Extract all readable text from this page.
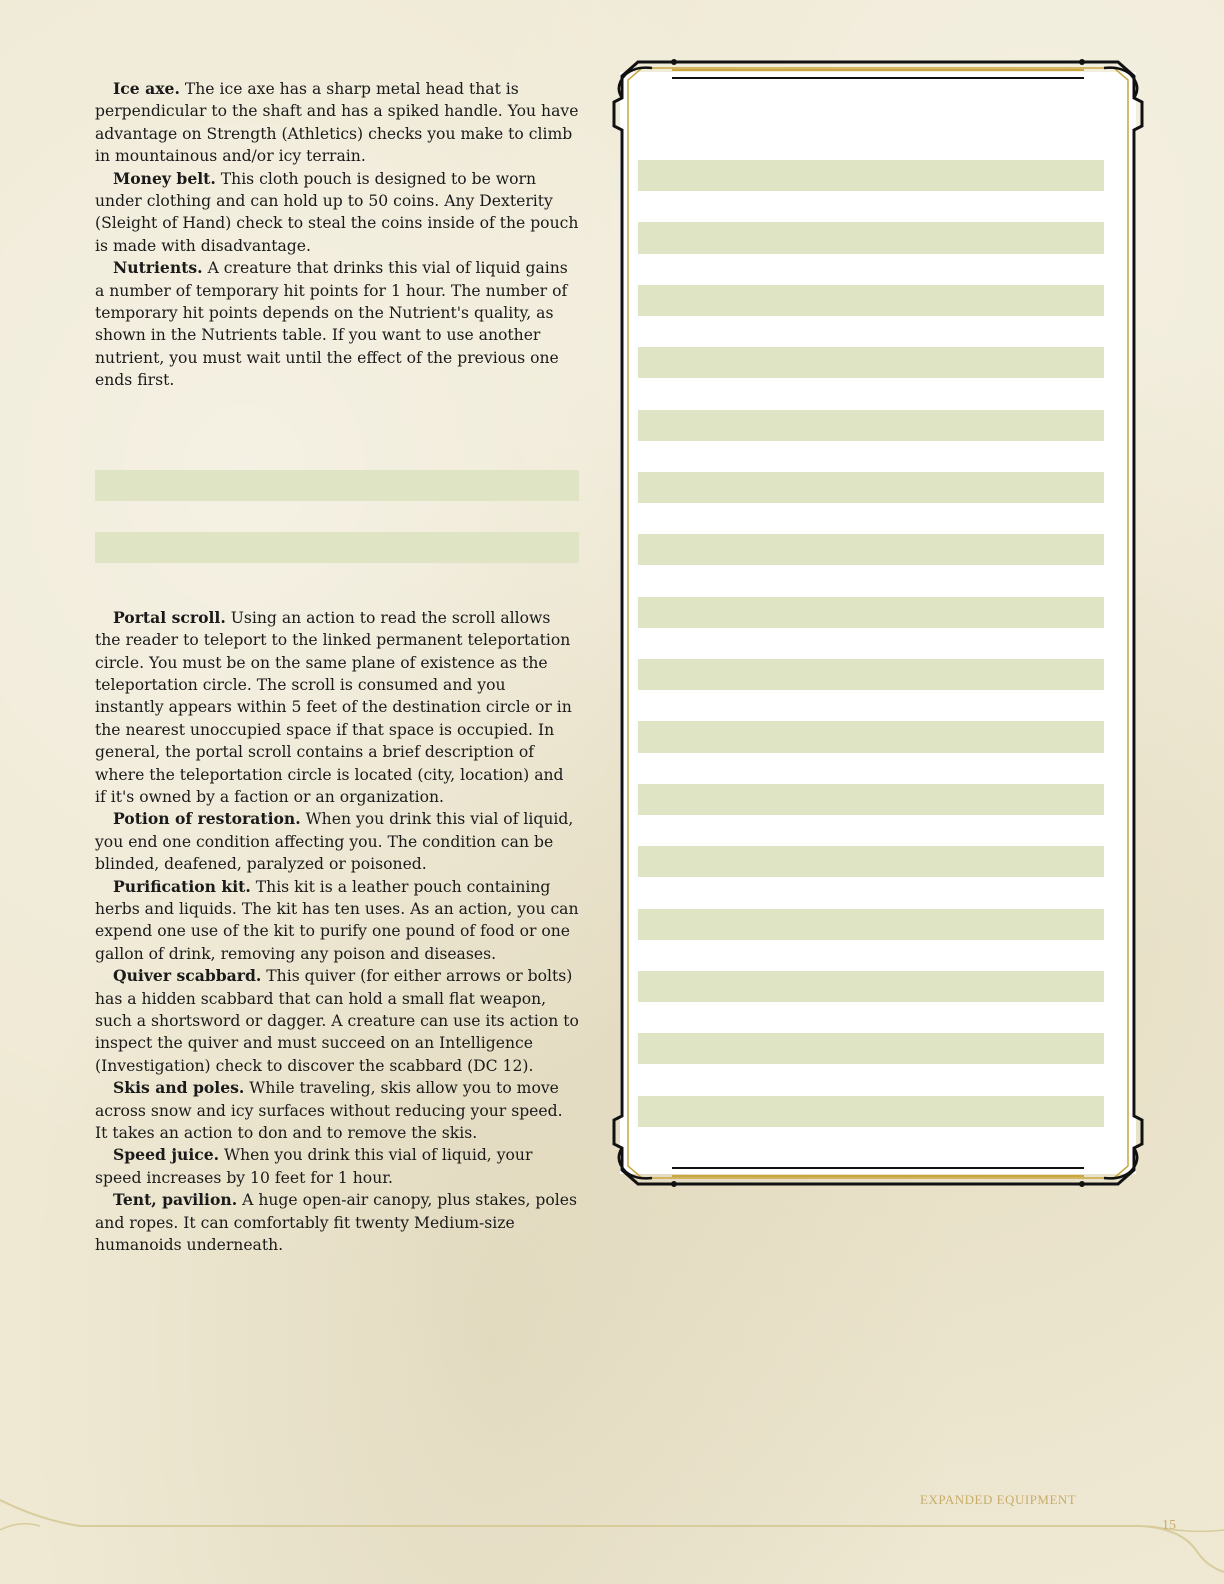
Ice axe. The ice axe has a sharp metal head that is perpendicular to the shaft and has a spiked handle. You have advantage on Strength (Athletics) checks you make to climb in mountainous and/or icy terrain.

Money belt. This cloth pouch is designed to be worn under clothing and can hold up to 50 coins. Any Dexterity (Sleight of Hand) check to steal the coins inside of the pouch is made with disadvantage.

Nutrients. A creature that drinks this vial of liquid gains a number of temporary hit points for 1 hour. The number of temporary hit points depends on the Nutrient's quality, as shown in the Nutrients table. If you want to use another nutrient, you must wait until the effect of the previous one ends first.

Portal scroll. Using an action to read the scroll allows the reader to teleport to the linked permanent teleportation circle. You must be on the same plane of existence as the teleportation circle. The scroll is consumed and you instantly appears within 5 feet of the destination circle or in the nearest unoccupied space if that space is occupied. In general, the portal scroll contains a brief description of where the teleportation circle is located (city, location) and if it's owned by a faction or an organization.

Potion of restoration. When you drink this vial of liquid, you end one condition affecting you. The condition can be blinded, deafened, paralyzed or poisoned.

Purification kit. This kit is a leather pouch containing herbs and liquids. The kit has ten uses. As an action, you can expend one use of the kit to purify one pound of food or one gallon of drink, removing any poison and diseases.

Quiver scabbard. This quiver (for either arrows or bolts) has a hidden scabbard that can hold a small flat weapon, such a shortsword or dagger. A creature can use its action to inspect the quiver and must succeed on an Intelligence (Investigation) check to discover the scabbard (DC 12).

Skis and poles. While traveling, skis allow you to move across snow and icy surfaces without reducing your speed. It takes an action to don and to remove the skis.

Speed juice. When you drink this vial of liquid, your speed increases by 10 feet for 1 hour.

Tent, pavilion. A huge open-air canopy, plus stakes, poles and ropes. It can comfortably fit twenty Medium-size humanoids underneath.

EXPANDED EQUIPMENT
15
